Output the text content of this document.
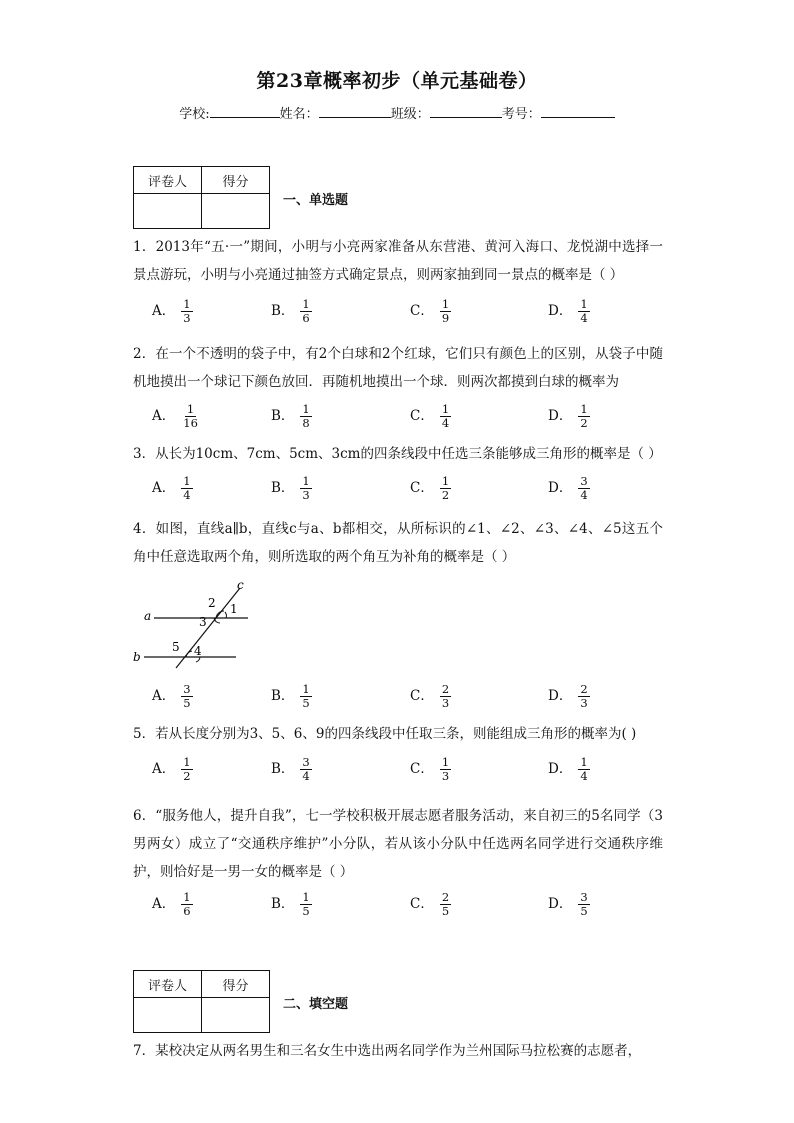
第23章概率初步（单元基础卷）
学校:	姓名：	班级：	考号：
评卷人	得分

一、单选题
1．2013年“五·一”期间，小明与小亮两家准备从东营港、黄河入海口、龙悦湖中选择一景点游玩，小明与小亮通过抽签方式确定景点，则两家抽到同一景点的概率是（ ）
A． $\frac{1}{3}$	B． $\frac{1}{6}$	C． $\frac{1}{9}$	D． $\frac{1}{4}$
2．在一个不透明的袋子中，有2个白球和2个红球，它们只有颜色上的区别，从袋子中随机地摸出一个球记下颜色放回．再随机地摸出一个球．则两次都摸到白球的概率为
A． $\frac{1}{16}$	B． $\frac{1}{8}$	C． $\frac{1}{4}$	D． $\frac{1}{2}$
3．从长为10cm、7cm、5cm、3cm的四条线段中任选三条能够成三角形的概率是（ ）
A． $\frac{1}{4}$	B． $\frac{1}{3}$	C． $\frac{1}{2}$	D． $\frac{3}{4}$
4．如图，直线a∥b，直线c与a、b都相交，从所标识的∠1、∠2、∠3、∠4、∠5这五个角中任意选取两个角，则所选取的两个角互为补角的概率是（ ）
a
b
c
1
2
3
4
5
A． $\frac{3}{5}$	B． $\frac{1}{5}$	C． $\frac{2}{3}$	D． $\frac{2}{3}$
5．若从长度分别为3、5、6、9的四条线段中任取三条，则能组成三角形的概率为( )
A． $\frac{1}{2}$	B． $\frac{3}{4}$	C． $\frac{1}{3}$	D． $\frac{1}{4}$
6．“服务他人，提升自我”，七一学校积极开展志愿者服务活动，来自初三的5名同学（3男两女）成立了“交通秩序维护”小分队，若从该小分队中任选两名同学进行交通秩序维护，则恰好是一男一女的概率是（ ）
A． $\frac{1}{6}$	B． $\frac{1}{5}$	C． $\frac{2}{5}$	D． $\frac{3}{5}$
评卷人	得分

二、填空题
7．某校决定从两名男生和三名女生中选出两名同学作为兰州国际马拉松赛的志愿者，
